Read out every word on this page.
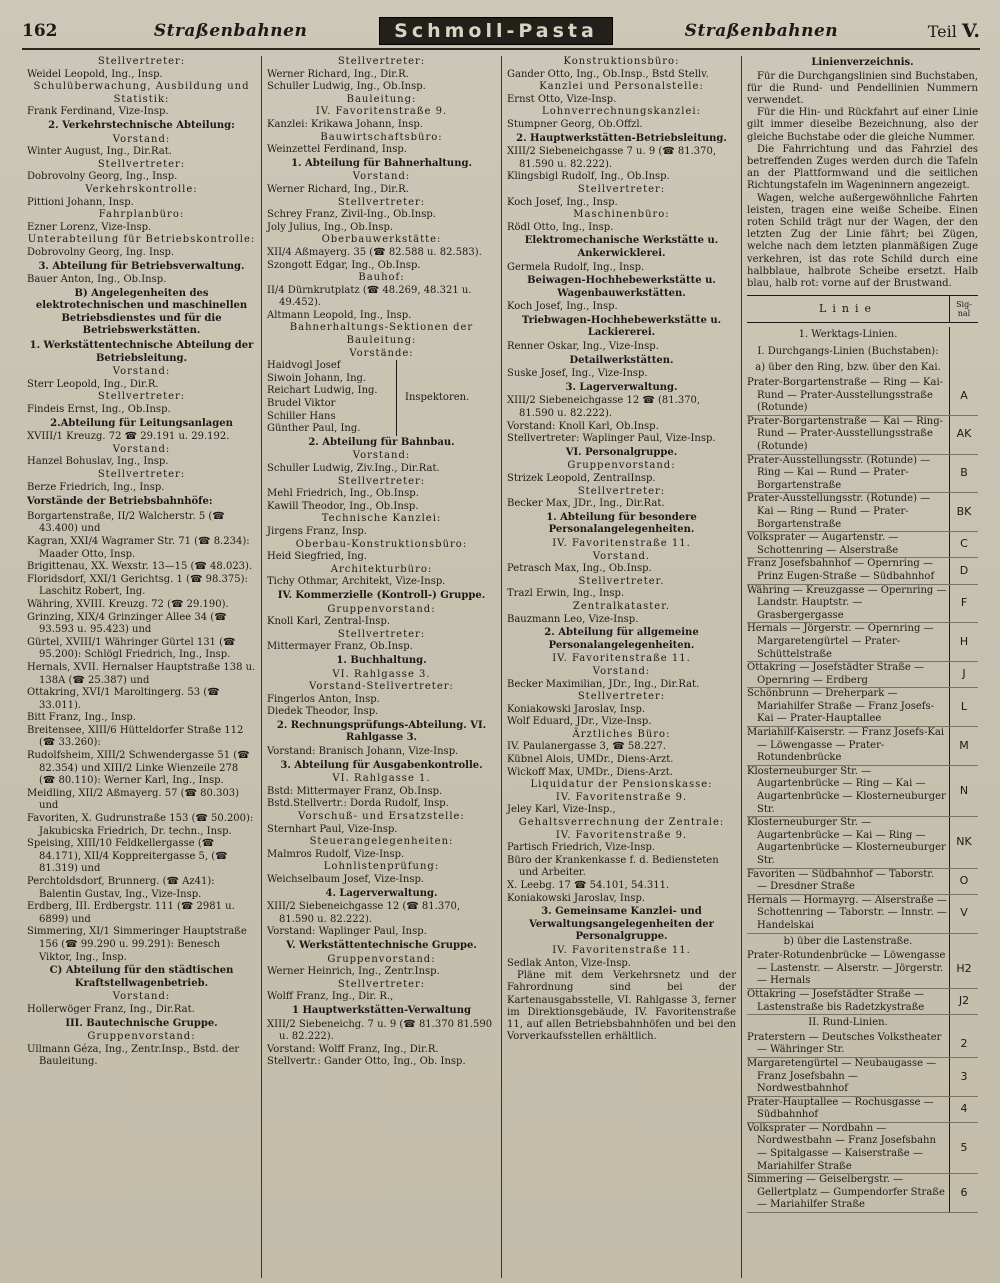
162	Straßenbahnen	Schmoll-Pasta	Straßenbahnen	Teil V.
Stellvertreter:
Weidel Leopold, Ing., Insp.
Schulüberwachung, Ausbildung und Statistik:
Frank Ferdinand, Vize-Insp.
2. Verkehrstechnische Abteilung:
Vorstand:
Winter August, Ing., Dir.Rat.
Stellvertreter:
Dobrovolny Georg, Ing., Insp.
Verkehrskontrolle:
Pittioni Johann, Insp.
Fahrplanbüro:
Ezner Lorenz, Vize-Insp.
Unterabteilung für Betriebskontrolle:
Dobrovolny Georg, Ing. Insp.
3. Abteilung für Betriebsverwaltung.
Bauer Anton, Ing., Ob.Insp.
B) Angelegenheiten des elektrotechnischen und maschinellen Betriebsdienstes und für die Betriebswerkstätten.
1. Werkstättentechnische Abteilung der Betriebsleitung.
Vorstand:
Sterr Leopold, Ing., Dir.R.
Stellvertreter:
Findeis Ernst, Ing., Ob.Insp.
2.Abteilung für Leitungsanlagen
XVIII/1 Kreuzg. 72 ☎ 29.191 u. 29.192.
Vorstand:
Hanzel Bohuslav, Ing., Insp.
Stellvertreter:
Berze Friedrich, Ing., Insp.
Vorstände der Betriebsbahnhöfe:
Borgartenstraße, II/2 Walcherstr. 5 (☎ 43.400) und
Kagran, XXI/4 Wagramer Str. 71 (☎ 8.234): Maader Otto, Insp.
Brigittenau, XX. Wexstr. 13—15 (☎ 48.023).
Floridsdorf, XXI/1 Gerichtsg. 1 (☎ 98.375): Laschitz Robert, Ing.
Währing, XVIII. Kreuzg. 72 (☎ 29.190).
Grinzing, XIX/4 Grinzinger Allee 34 (☎ 93.593 u. 95.423) und
Gürtel, XVIII/1 Währinger Gürtel 131 (☎ 95.200): Schlögl Friedrich, Ing., Insp.
Hernals, XVII. Hernalser Hauptstraße 138 u. 138A (☎ 25.387) und
Ottakring, XVI/1 Maroltingerg. 53 (☎ 33.011).
Bitt Franz, Ing., Insp.
Breitensee, XIII/6 Hütteldorfer Straße 112 (☎ 33.260):
Rudolfsheim, XIII/2 Schwendergasse 51 (☎ 82.354) und XIII/2 Linke Wienzeile 278 (☎ 80.110): Werner Karl, Ing., Insp.
Meidling, XII/2 Aßmayerg. 57 (☎ 80.303) und
Favoriten, X. Gudrunstraße 153 (☎ 50.200): Jakubicska Friedrich, Dr. techn., Insp.
Speising, XIII/10 Feldkellergasse (☎ 84.171), XII/4 Koppreitergasse 5, (☎ 81.319) und
Perchtoldsdorf, Brunnerg. (☎ Az41): Balentin Gustav, Ing., Vize-Insp.
Erdberg, III. Erdbergstr. 111 (☎ 2981 u. 6899) und
Simmering, XI/1 Simmeringer Hauptstraße 156 (☎ 99.290 u. 99.291): Benesch Viktor, Ing., Insp.
C) Abteilung für den städtischen Kraftstellwagenbetrieb.
Vorstand:
Hollerwöger Franz, Ing., Dir.Rat.
III. Bautechnische Gruppe.
Gruppenvorstand:
Ullmann Géza, Ing., Zentr.Insp., Bstd. der Bauleitung.
Stellvertreter:
Werner Richard, Ing., Dir.R.
Schuller Ludwig, Ing., Ob.Insp.
Bauleitung:
IV. Favoritenstraße 9.
Kanzlei: Krikawa Johann, Insp.
Bauwirtschaftsbüro:
Weinzettel Ferdinand, Insp.
1. Abteilung für Bahnerhaltung.
Vorstand:
Werner Richard, Ing., Dir.R.
Stellvertreter:
Schrey Franz, Zivil-Ing., Ob.Insp.
Joly Julius, Ing., Ob.Insp.
Oberbauwerkstätte:
XII/4 Aßmayerg. 35 (☎ 82.588 u. 82.583).
Szongott Edgar, Ing., Ob.Insp.
Bauhof:
II/4 Dürnkrutplatz (☎ 48.269, 48.321 u. 49.452).
Altmann Leopold, Ing., Insp.
Bahnerhaltungs-Sektionen der Bauleitung:
Vorstände:
Haidvogl Josef
Siwoin Johann, Ing.
Reichart Ludwig, Ing.
Brudel Viktor
Schiller Hans
Günther Paul, Ing.
Inspektoren.
2. Abteilung für Bahnbau.
Vorstand:
Schuller Ludwig, Ziv.Ing., Dir.Rat.
Stellvertreter:
Mehl Friedrich, Ing., Ob.Insp.
Kawill Theodor, Ing., Ob.Insp.
Technische Kanzlei:
Jirgens Franz, Insp.
Oberbau-Konstruktionsbüro:
Heid Siegfried, Ing.
Architekturbüro:
Tichy Othmar, Architekt, Vize-Insp.
IV. Kommerzielle (Kontroll-) Gruppe.
Gruppenvorstand:
Knoll Karl, Zentral-Insp.
Stellvertreter:
Mittermayer Franz, Ob.Insp.
1. Buchhaltung.
VI. Rahlgasse 3.
Vorstand-Stellvertreter:
Fingerlos Anton, Insp.
Diedek Theodor, Insp.
2. Rechnungsprüfungs-Abteilung. VI. Rahlgasse 3.
Vorstand: Branisch Johann, Vize-Insp.
3. Abteilung für Ausgabenkontrolle.
VI. Rahlgasse 1.
Bstd: Mittermayer Franz, Ob.Insp.
Bstd.Stellvertr.: Dorda Rudolf, Insp.
Vorschuß- und Ersatzstelle:
Sternhart Paul, Vize-Insp.
Steuerangelegenheiten:
Malmros Rudolf, Vize-Insp.
Lohnlistenprüfung:
Weichselbaum Josef, Vize-Insp.
4. Lagerverwaltung.
XIII/2 Siebeneichgasse 12 (☎ 81.370, 81.590 u. 82.222).
Vorstand: Waplinger Paul, Insp.
V. Werkstättentechnische Gruppe.
Gruppenvorstand:
Werner Heinrich, Ing., Zentr.Insp.
Stellvertreter:
Wolff Franz, Ing., Dir. R.,
1 Hauptwerkstätten-Verwaltung
XIII/2 Siebeneichg. 7 u. 9 (☎ 81.370 81.590 u. 82.222).
Vorstand: Wolff Franz, Ing., Dir.R.
Stellvertr.: Gander Otto, Ing., Ob. Insp.
Konstruktionsbüro:
Gander Otto, Ing., Ob.Insp., Bstd Stellv.
Kanzlei und Personalstelle:
Ernst Otto, Vize-Insp.
Lohnverrechnungskanzlei:
Stumpner Georg, Ob.Offzl.
2. Hauptwerkstätten-Betriebsleitung.
XIII/2 Siebeneichgasse 7 u. 9 (☎ 81.370, 81.590 u. 82.222).
Klingsbigl Rudolf, Ing., Ob.Insp.
Stellvertreter:
Koch Josef, Ing., Insp.
Maschinenbüro:
Rödl Otto, Ing., Insp.
Elektromechanische Werkstätte u. Ankerwicklerei.
Germela Rudolf, Ing., Insp.
Beiwagen-Hochhebewerkstätte u. Wagenbauwerkstätten.
Koch Josef, Ing., Insp.
Triebwagen-Hochhebewerkstätte u. Lackiererei.
Renner Oskar, Ing., Vize-Insp.
Detailwerkstätten.
Suske Josef, Ing., Vize-Insp.
3. Lagerverwaltung.
XIII/2 Siebeneichgasse 12 ☎ (81.370, 81.590 u. 82.222).
Vorstand: Knoll Karl, Ob.Insp.
Stellvertreter: Waplinger Paul, Vize-Insp.
VI. Personalgruppe.
Gruppenvorstand:
Strizek Leopold, ZentralInsp.
Stellvertreter:
Becker Max, JDr., Ing., Dir.Rat.
1. Abteilung für besondere Personalangelegenheiten.
IV. Favoritenstraße 11.
Vorstand.
Petrasch Max, Ing., Ob.Insp.
Stellvertreter.
Trazl Erwin, Ing., Insp.
Zentralkataster.
Bauzmann Leo, Vize-Insp.
2. Abteilung für allgemeine Personalangelegenheiten.
IV. Favoritenstraße 11.
Vorstand:
Becker Maximilian, JDr., Ing., Dir.Rat.
Stellvertreter:
Koniakowski Jaroslav, Insp.
Wolf Eduard, JDr., Vize-Insp.
Ärztliches Büro:
IV. Paulanergasse 3, ☎ 58.227.
Kübnel Alois, UMDr., Diens-Arzt.
Wickoff Max, UMDr., Diens-Arzt.
Liquidatur der Pensionskasse:
IV. Favoritenstraße 9.
Jeley Karl, Vize-Insp.,
Gehaltsverrechnung der Zentrale:
IV. Favoritenstraße 9.
Partisch Friedrich, Vize-Insp.
Büro der Krankenkasse f. d. Bediensteten und Arbeiter.
X. Leebg. 17 ☎ 54.101, 54.311.
Koniakowski Jaroslav, Insp.
3. Gemeinsame Kanzlei- und Verwaltungsangelegenheiten der Personalgruppe.
IV. Favoritenstraße 11.
Sedlak Anton, Vize-Insp.
Pläne mit dem Verkehrsnetz und der Fahrordnung sind bei der Kartenausgabsstelle, VI. Rahlgasse 3, ferner im Direktionsgebäude, IV. Favoritenstraße 11, auf allen Betriebsbahnhöfen und bei den Vorverkaufsstellen erhältlich.
Linienverzeichnis.
Für die Durchgangslinien sind Buchstaben, für die Rund- und Pendellinien Nummern verwendet.
Für die Hin- und Rückfahrt auf einer Linie gilt immer dieselbe Bezeichnung, also der gleiche Buchstabe oder die gleiche Nummer.
Die Fahrrichtung und das Fahrziel des betreffenden Zuges werden durch die Tafeln an der Plattformwand und die seitlichen Richtungstafeln im Wageninnern angezeigt.
Wagen, welche außergewöhnliche Fahrten leisten, tragen eine weiße Scheibe. Einen roten Schild trägt nur der Wagen, der den letzten Zug der Linie fährt; bei Zügen, welche nach dem letzten planmäßigen Zuge verkehren, ist das rote Schild durch eine halbblaue, halbrote Scheibe ersetzt. Halb blau, halb rot: vorne auf der Brustwand.
Linie	Sig-nal
1. Werktags-Linien.
I. Durchgangs-Linien (Buchstaben):
a) über den Ring, bzw. über den Kai.
Prater-Borgartenstraße — Ring — Kai-Rund — Prater-Ausstellungsstraße (Rotunde)
A
Prater-Borgartenstraße — Kai — Ring-Rund — Prater-Ausstellungsstraße (Rotunde)
AK
Prater-Ausstellungsstr. (Rotunde) — Ring — Kai — Rund — Prater-Borgartenstraße
B
Prater-Ausstellungsstr. (Rotunde) — Kai — Ring — Rund — Prater-Borgartenstraße
BK
Volksprater — Augartenstr. — Schottenring — Alserstraße	C
Franz Josefsbahnhof — Opernring — Prinz Eugen-Straße — Südbahnhof	D
Währing — Kreuzgasse — Opernring — Landstr. Hauptstr. — Grasbergergasse
F
Hernals — Jörgerstr. — Opernring — Margaretengürtel — Prater-Schüttelstraße
H
Ottakring — Josefstädter Straße — Opernring — Erdberg	J
Schönbrunn — Dreherpark — Mariahilfer Straße — Franz Josefs-Kai — Prater-Hauptallee
L
Mariahilf-Kaiserstr. — Franz Josefs-Kai — Löwengasse — Prater-Rotundenbrücke
M
Klosterneuburger Str. — Augartenbrücke — Ring — Kai — Augartenbrücke — Klosterneuburger Str.
N
Klosterneuburger Str. — Augartenbrücke — Kai — Ring — Augartenbrücke — Klosterneuburger Str.
NK
Favoriten — Südbahnhof — Taborstr. — Dresdner Straße	O
Hernals — Hormayrg. — Alserstraße — Schottenring — Taborstr. — Innstr. — Handelskai
V
b) über die Lastenstraße.
Prater-Rotundenbrücke — Löwengasse — Lastenstr. — Alserstr. — Jörgerstr. — Hernals
H2
Ottakring — Josefstädter Straße — Lastenstraße bis Radetzkystraße	J2
II. Rund-Linien.
Praterstern — Deutsches Volkstheater — Währinger Str.	2
Margaretengürtel — Neubaugasse — Franz Josefsbahn — Nordwestbahnhof
3
Prater-Hauptallee — Rochusgasse — Südbahnhof	4
Volksprater — Nordbahn — Nordwestbahn — Franz Josefsbahn — Spitalgasse — Kaiserstraße — Mariahilfer Straße
5
Simmering — Geiselbergstr. — Gellertplatz — Gumpendorfer Straße — Mariahilfer Straße
6
